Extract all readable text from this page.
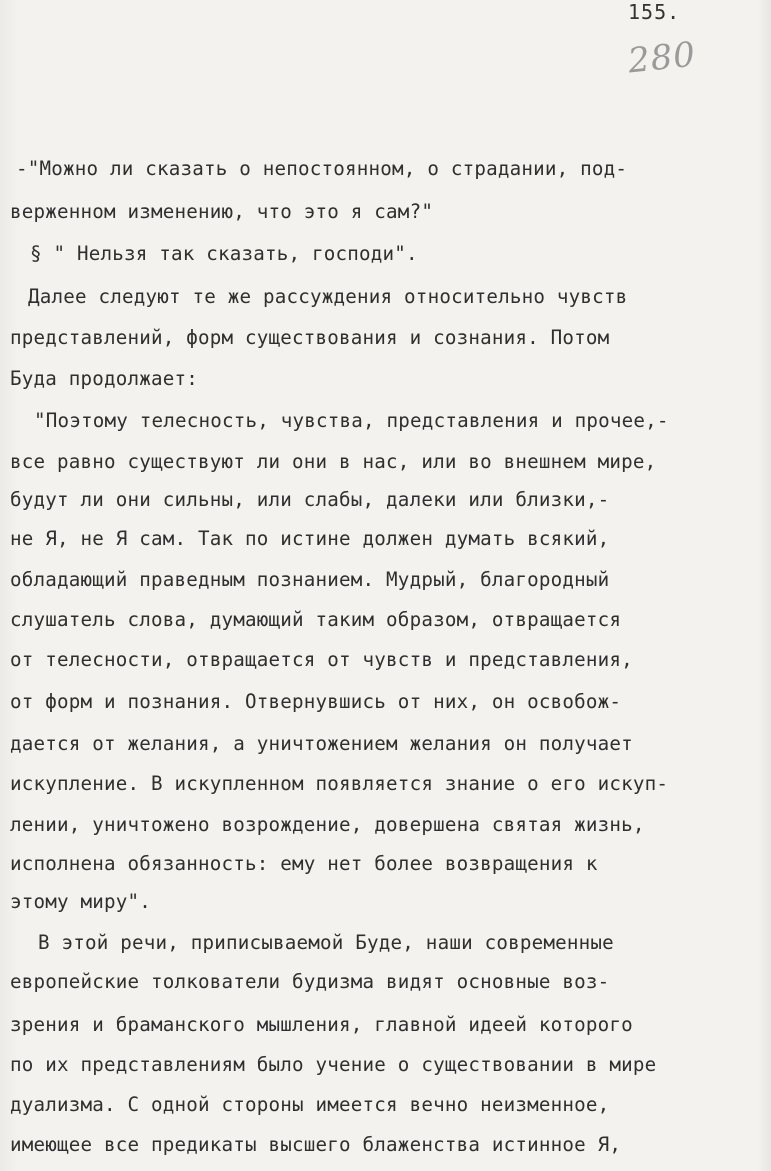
155.
280
-"Можно ли сказать о непостоянном, о страдании, под-
верженном изменению, что это я сам?"
§ " Нельзя так сказать, господи".
Далее следуют те же рассуждения относительно чувств
представлений, форм существования и сознания. Потом
Буда продолжает:
"Поэтому телесность, чувства, представления и прочее,-
все равно существуют ли они в нас, или во внешнем мире,
будут ли они сильны, или слабы, далеки или близки,-
не Я, не Я сам. Так по истине должен думать всякий,
обладающий праведным познанием. Мудрый, благородный
слушатель слова, думающий таким образом, отвращается
от телесности, отвращается от чувств и представления,
от форм и познания. Отвернувшись от них, он освобож-
дается от желания, а уничтожением желания он получает
искупление. В искупленном появляется знание о его искуп-
лении, уничтожено возрождение, довершена святая жизнь,
исполнена обязанность: ему нет более возвращения к
этому миру".
В этой речи, приписываемой Буде, наши современные
европейские толкователи будизма видят основные воз-
зрения и браманского мышления, главной идеей которого
по их представлениям было учение о существовании в мире
дуализма. С одной стороны имеется вечно неизменное,
имеющее все предикаты высшего блаженства истинное Я,
